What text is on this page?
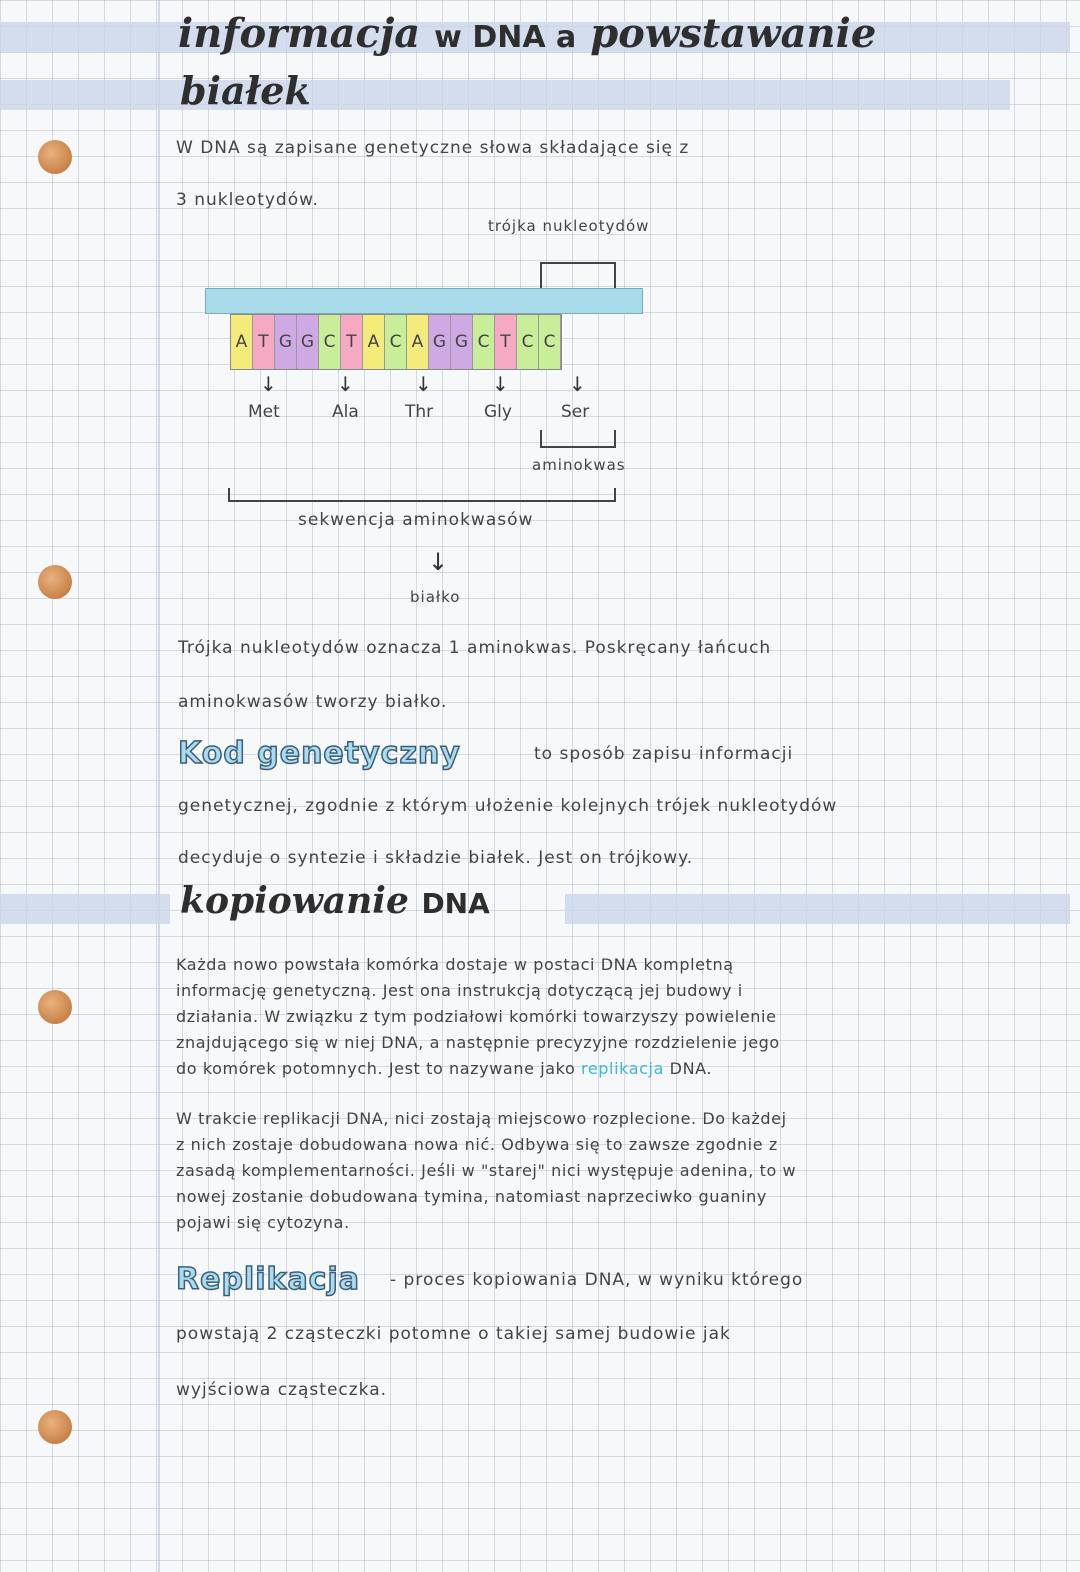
informacja w DNA a powstawanie
białek
W DNA są zapisane genetyczne słowa składające się z
3 nukleotydów.
trójka nukleotydów
A T G G C T A C A G G C T C C
↓	↓	↓	↓	↓
Met	Ala	Thr	Gly	Ser
aminokwas
sekwencja aminokwasów
↓
białko
Trójka nukleotydów oznacza 1 aminokwas. Poskręcany łańcuch
aminokwasów tworzy białko.
Kod genetyczny	to sposób zapisu informacji
genetycznej, zgodnie z którym ułożenie kolejnych trójek nukleotydów
decyduje o syntezie i składzie białek. Jest on trójkowy.
kopiowanie DNA
Każda nowo powstała komórka dostaje w postaci DNA kompletną
informację genetyczną. Jest ona instrukcją dotyczącą jej budowy i
działania. W związku z tym podziałowi komórki towarzyszy powielenie
znajdującego się w niej DNA, a następnie precyzyjne rozdzielenie jego
do komórek potomnych. Jest to nazywane jako replikacja DNA.
W trakcie replikacji DNA, nici zostają miejscowo rozplecione. Do każdej
z nich zostaje dobudowana nowa nić. Odbywa się to zawsze zgodnie z
zasadą komplementarności. Jeśli w "starej" nici występuje adenina, to w
nowej zostanie dobudowana tymina, natomiast naprzeciwko guaniny
pojawi się cytozyna.
Replikacja - proces kopiowania DNA, w wyniku którego
powstają 2 cząsteczki potomne o takiej samej budowie jak
wyjściowa cząsteczka.
